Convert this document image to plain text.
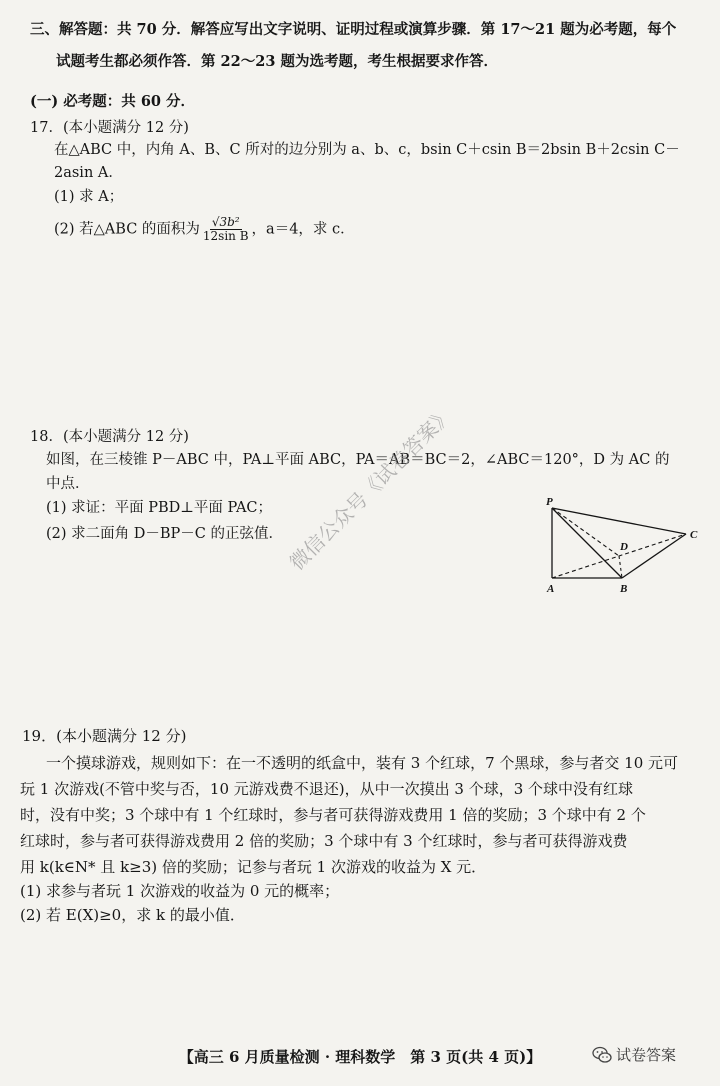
三、解答题：共 70 分．解答应写出文字说明、证明过程或演算步骤．第 17～21 题为必考题，每个
试题考生都必须作答．第 22～23 题为选考题，考生根据要求作答．
(一) 必考题：共 60 分．
17．(本小题满分 12 分)
在△ABC 中，内角 A、B、C 所对的边分别为 a、b、c，bsin C＋csin B＝2bsin B＋2csin C－
2asin A．
(1) 求 A；
(2) 若△ABC 的面积为 $\frac{\text{√3b²}}{\text{12sin B}}$ ，a＝4，求 c．
18．(本小题满分 12 分)
如图，在三棱锥 P－ABC 中，PA⊥平面 ABC，PA＝AB＝BC＝2，∠ABC＝120°，D 为 AC 的
中点．
(1) 求证：平面 PBD⊥平面 PAC；
(2) 求二面角 D－BP－C 的正弦值．
P
A	B
C
D
微信公众号《试卷答案》
19．(本小题满分 12 分)
一个摸球游戏，规则如下：在一不透明的纸盒中，装有 3 个红球，7 个黑球，参与者交 10 元可
玩 1 次游戏(不管中奖与否，10 元游戏费不退还)，从中一次摸出 3 个球，3 个球中没有红球
时，没有中奖；3 个球中有 1 个红球时，参与者可获得游戏费用 1 倍的奖励；3 个球中有 2 个
红球时，参与者可获得游戏费用 2 倍的奖励；3 个球中有 3 个红球时，参与者可获得游戏费
用 k(k∈N* 且 k≥3) 倍的奖励；记参与者玩 1 次游戏的收益为 X 元．
(1) 求参与者玩 1 次游戏的收益为 0 元的概率；
(2) 若 E(X)≥0，求 k 的最小值．
【高三 6 月质量检测 · 理科数学　第 3 页(共 4 页)】	试卷答案
